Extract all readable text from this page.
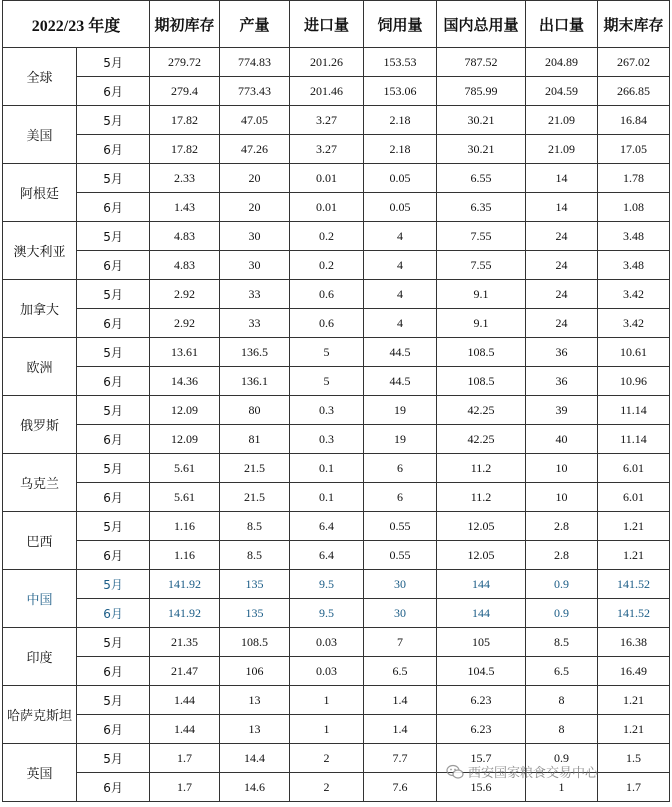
2022/23 年度		期初库存	产量	进口量	饲用量	国内总用量	出口量	期末库存
全球	5月	279.72	774.83	201.26	153.53	787.52	204.89	267.02
	6月	279.4	773.43	201.46	153.06	785.99	204.59	266.85
美国	5月	17.82	47.05	3.27	2.18	30.21	21.09	16.84
	6月	17.82	47.26	3.27	2.18	30.21	21.09	17.05
阿根廷	5月	2.33	20	0.01	0.05	6.55	14	1.78
	6月	1.43	20	0.01	0.05	6.35	14	1.08
澳大利亚	5月	4.83	30	0.2	4	7.55	24	3.48
	6月	4.83	30	0.2	4	7.55	24	3.48
加拿大	5月	2.92	33	0.6	4	9.1	24	3.42
	6月	2.92	33	0.6	4	9.1	24	3.42
欧洲	5月	13.61	136.5	5	44.5	108.5	36	10.61
	6月	14.36	136.1	5	44.5	108.5	36	10.96
俄罗斯	5月	12.09	80	0.3	19	42.25	39	11.14
	6月	12.09	81	0.3	19	42.25	40	11.14
乌克兰	5月	5.61	21.5	0.1	6	11.2	10	6.01
	6月	5.61	21.5	0.1	6	11.2	10	6.01
巴西	5月	1.16	8.5	6.4	0.55	12.05	2.8	1.21
	6月	1.16	8.5	6.4	0.55	12.05	2.8	1.21
中国	5月	141.92	135	9.5	30	144	0.9	141.52
	6月	141.92	135	9.5	30	144	0.9	141.52
印度	5月	21.35	108.5	0.03	7	105	8.5	16.38
	6月	21.47	106	0.03	6.5	104.5	6.5	16.49
哈萨克斯坦	5月	1.44	13	1	1.4	6.23	8	1.21
	6月	1.44	13	1	1.4	6.23	8	1.21
英国	5月	1.7	14.4	2	7.7	15.7	0.9	1.5
	6月	1.7	14.6	2	7.6	15.6	1	1.7
西安国家粮食交易中心
